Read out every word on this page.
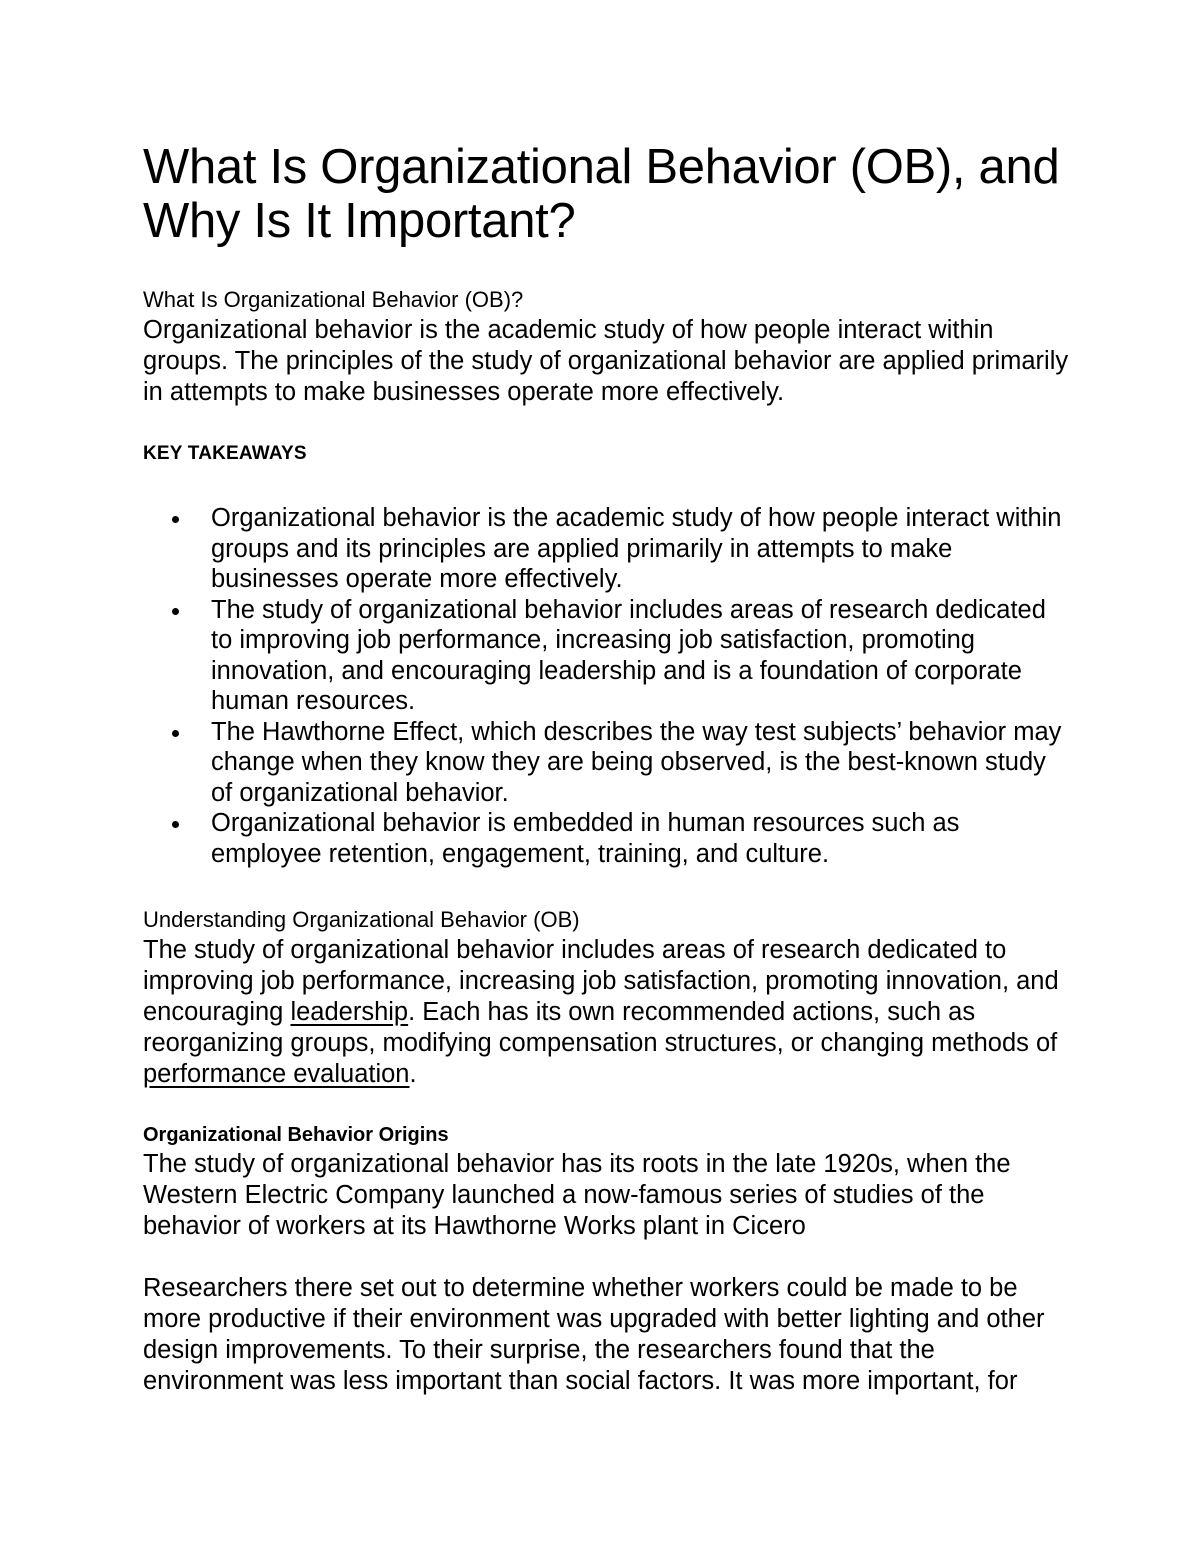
What Is Organizational Behavior (OB), and Why Is It Important?

What Is Organizational Behavior (OB)?

Organizational behavior is the academic study of how people interact within groups. The principles of the study of organizational behavior are applied primarily in attempts to make businesses operate more effectively.

KEY TAKEAWAYS

Organizational behavior is the academic study of how people interact within groups and its principles are applied primarily in attempts to make businesses operate more effectively.
The study of organizational behavior includes areas of research dedicated to improving job performance, increasing job satisfaction, promoting innovation, and encouraging leadership and is a foundation of corporate human resources.
The Hawthorne Effect, which describes the way test subjects’ behavior may change when they know they are being observed, is the best-known study of organizational behavior.
Organizational behavior is embedded in human resources such as employee retention, engagement, training, and culture.

Understanding Organizational Behavior (OB)

The study of organizational behavior includes areas of research dedicated to improving job performance, increasing job satisfaction, promoting innovation, and encouraging leadership. Each has its own recommended actions, such as reorganizing groups, modifying compensation structures, or changing methods of performance evaluation.

Organizational Behavior Origins

The study of organizational behavior has its roots in the late 1920s, when the Western Electric Company launched a now-famous series of studies of the behavior of workers at its Hawthorne Works plant in Cicero

Researchers there set out to determine whether workers could be made to be more productive if their environment was upgraded with better lighting and other design improvements. To their surprise, the researchers found that the environment was less important than social factors. It was more important, for
